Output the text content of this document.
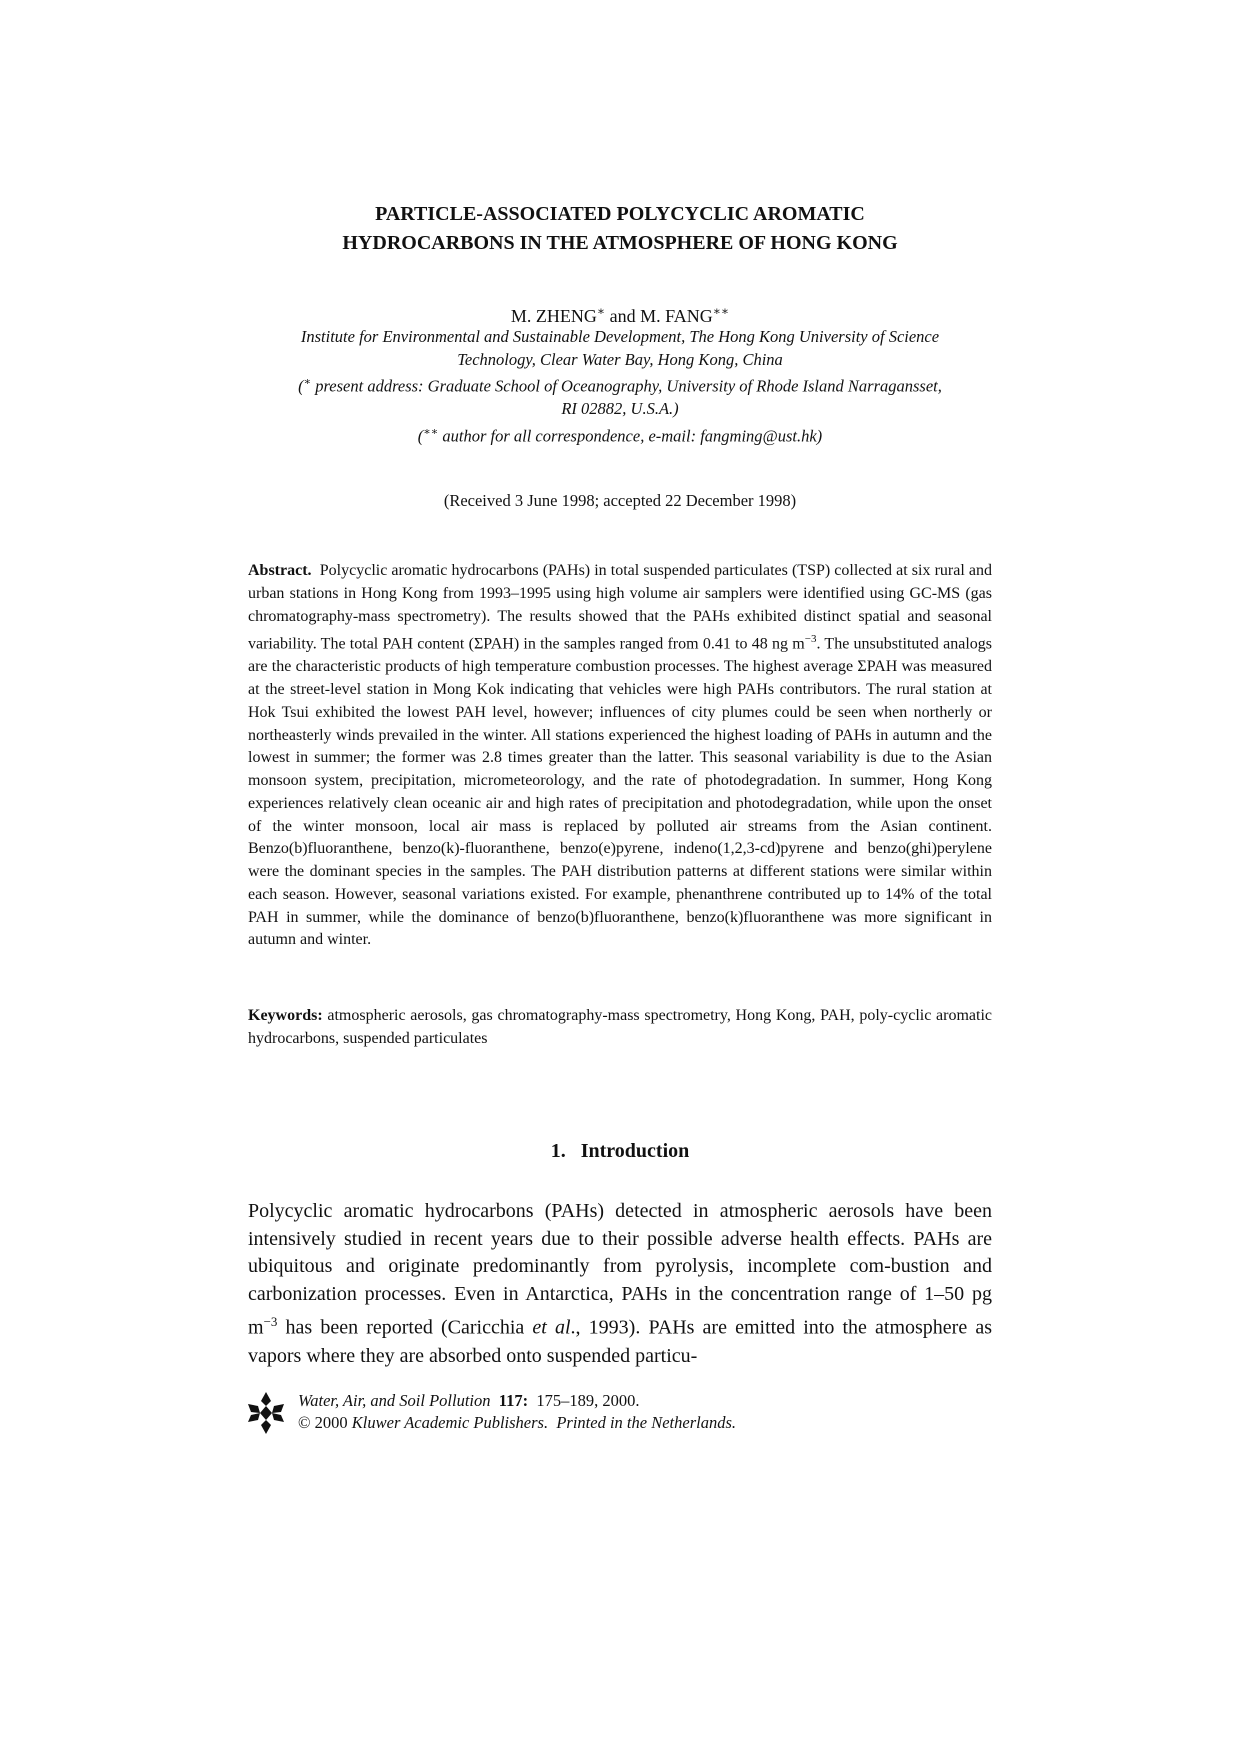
PARTICLE-ASSOCIATED POLYCYCLIC AROMATIC
HYDROCARBONS IN THE ATMOSPHERE OF HONG KONG
M. ZHENG∗ and M. FANG∗∗
Institute for Environmental and Sustainable Development, The Hong Kong University of Science
Technology, Clear Water Bay, Hong Kong, China
(∗ present address: Graduate School of Oceanography, University of Rhode Island Narragansset,
RI 02882, U.S.A.)
(∗∗ author for all correspondence, e-mail: fangming@ust.hk)
(Received 3 June 1998; accepted 22 December 1998)
Abstract. Polycyclic aromatic hydrocarbons (PAHs) in total suspended particulates (TSP) collected at six rural and urban stations in Hong Kong from 1993–1995 using high volume air samplers were identified using GC-MS (gas chromatography-mass spectrometry). The results showed that the PAHs exhibited distinct spatial and seasonal variability. The total PAH content (ΣPAH) in the samples ranged from 0.41 to 48 ng $m^{-3}$. The unsubstituted analogs are the characteristic products of high temperature combustion processes. The highest average ΣPAH was measured at the street-level station in Mong Kok indicating that vehicles were high PAHs contributors. The rural station at Hok Tsui exhibited the lowest PAH level, however; influences of city plumes could be seen when northerly or northeasterly winds prevailed in the winter. All stations experienced the highest loading of PAHs in autumn and the lowest in summer; the former was 2.8 times greater than the latter. This seasonal variability is due to the Asian monsoon system, precipitation, micrometeorology, and the rate of photodegradation. In summer, Hong Kong experiences relatively clean oceanic air and high rates of precipitation and photodegradation, while upon the onset of the winter monsoon, local air mass is replaced by polluted air streams from the Asian continent. Benzo(b)fluoranthene, benzo(k)-fluoranthene, benzo(e)pyrene, indeno(1,2,3-cd)pyrene and benzo(ghi)perylene were the dominant species in the samples. The PAH distribution patterns at different stations were similar within each season. However, seasonal variations existed. For example, phenanthrene contributed up to 14% of the total PAH in summer, while the dominance of benzo(b)fluoranthene, benzo(k)fluoranthene was more significant in autumn and winter.
Keywords: atmospheric aerosols, gas chromatography-mass spectrometry, Hong Kong, PAH, poly-cyclic aromatic hydrocarbons, suspended particulates
1. Introduction
Polycyclic aromatic hydrocarbons (PAHs) detected in atmospheric aerosols have been intensively studied in recent years due to their possible adverse health effects. PAHs are ubiquitous and originate predominantly from pyrolysis, incomplete com-bustion and carbonization processes. Even in Antarctica, PAHs in the concentration range of 1–50 pg $m^{-3}$ has been reported (Caricchia et al., 1993). PAHs are emitted into the atmosphere as vapors where they are absorbed onto suspended particu-
Water, Air, and Soil Pollution 117: 175–189, 2000.
© 2000 Kluwer Academic Publishers.  Printed in the Netherlands.
